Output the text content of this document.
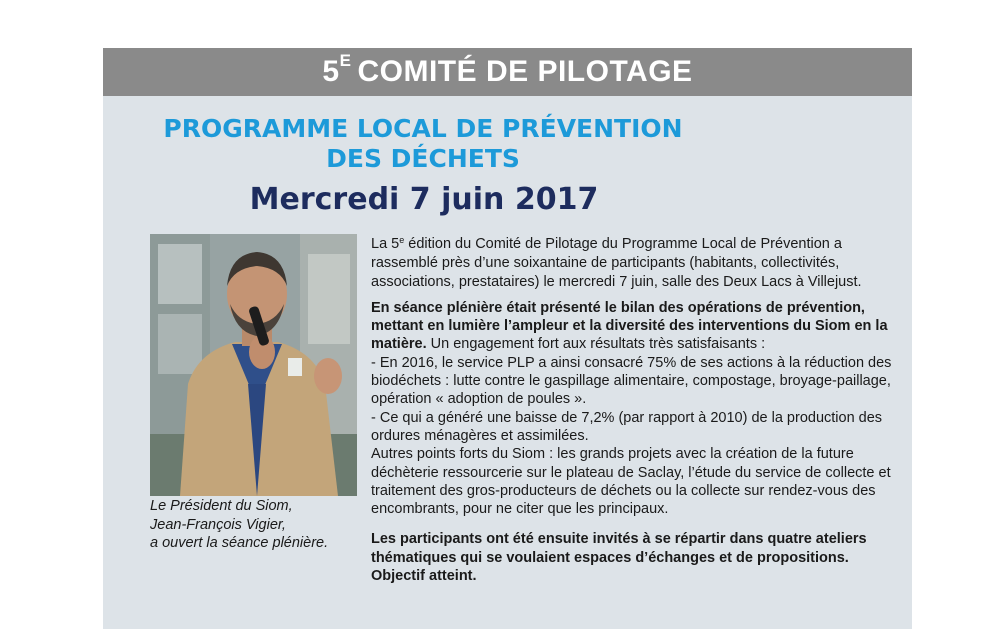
5 E COMITÉ DE PILOTAGE
PROGRAMME LOCAL DE PRÉVENTION
DES DÉCHETS
Mercredi 7 juin 2017
Le Président du Siom,
Jean-François Vigier,
a ouvert la séance plénière.

La 5e édition du Comité de Pilotage du Programme Local de Prévention a rassemblé près d’une soixantaine de participants (habitants, collectivités, associations, prestataires) le mercredi 7 juin, salle des Deux Lacs à Villejust.

En séance plénière était présenté le bilan des opérations de prévention, mettant en lumière l’ampleur et la diversité des interventions du Siom en la matière. Un engagement fort aux résultats très satisfaisants :

- En 2016, le service PLP a ainsi consacré 75% de ses actions à la réduction des biodéchets : lutte contre le gaspillage alimentaire, compostage, broyage-paillage, opération « adoption de poules ».

- Ce qui a généré une baisse de 7,2% (par rapport à 2010) de la production des ordures ménagères et assimilées.

Autres points forts du Siom : les grands projets avec la création de la future déchèterie ressourcerie sur le plateau de Saclay, l’étude du service de collecte et traitement des gros-producteurs de déchets ou la collecte sur rendez-vous des encombrants, pour ne citer que les principaux.

Les participants ont été ensuite invités à se répartir dans quatre ateliers thématiques qui se voulaient espaces d’échanges et de propositions. Objectif atteint.
